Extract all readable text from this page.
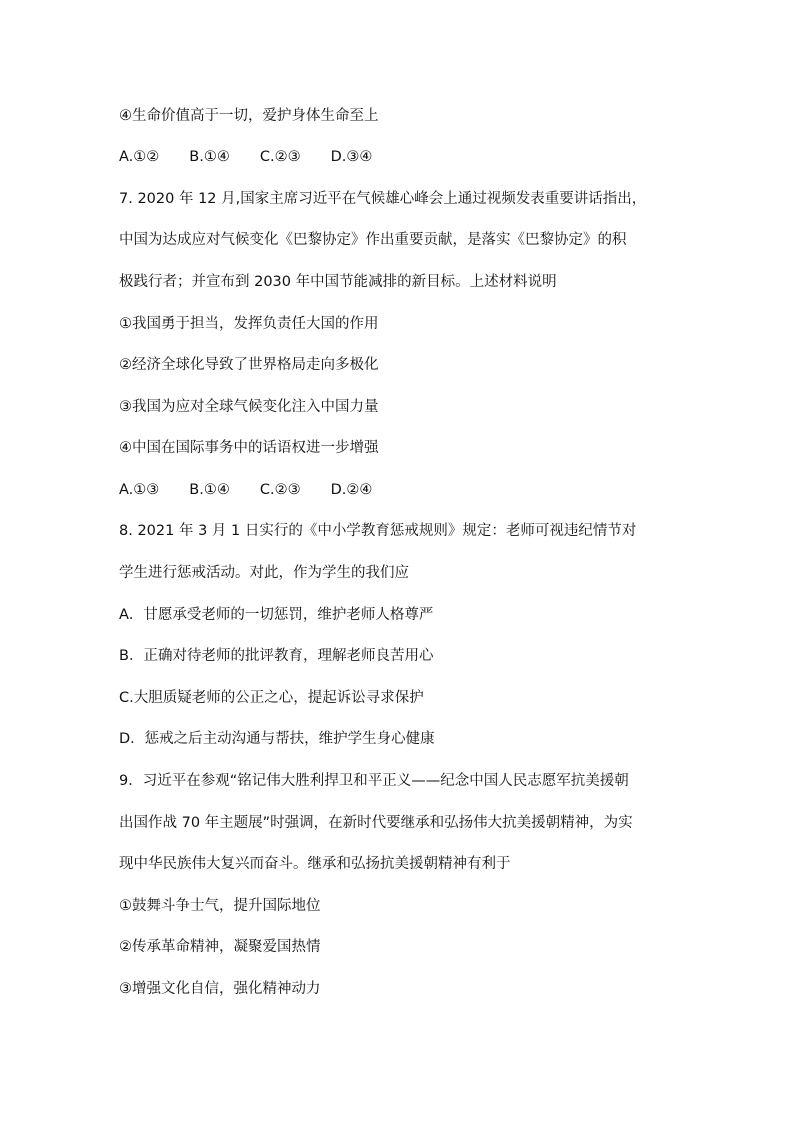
④生命价值高于一切，爱护身体生命至上
A.①② B.①④ C.②③ D.③④
7. 2020 年 12 月,国家主席习近平在气候雄心峰会上通过视频发表重要讲话指出，
中国为达成应对气候变化《巴黎协定》作出重要贡献，是落实《巴黎协定》的积
极践行者；并宣布到 2030 年中国节能减排的新目标。上述材料说明
①我国勇于担当，发挥负责任大国的作用
②经济全球化导致了世界格局走向多极化
③我国为应对全球气候变化注入中国力量
④中国在国际事务中的话语权进一步增强
A.①③ B.①④ C.②③ D.②④
8. 2021 年 3 月 1 日实行的《中小学教育惩戒规则》规定：老师可视违纪情节对
学生进行惩戒活动。对此，作为学生的我们应
A．甘愿承受老师的一切惩罚，维护老师人格尊严
B．正确对待老师的批评教育，理解老师良苦用心
C.大胆质疑老师的公正之心，提起诉讼寻求保护
D．惩戒之后主动沟通与帮扶，维护学生身心健康
9．习近平在参观“铭记伟大胜利捍卫和平正义——纪念中国人民志愿军抗美援朝
出国作战 70 年主题展”时强调，在新时代要继承和弘扬伟大抗美援朝精神，为实
现中华民族伟大复兴而奋斗。继承和弘扬抗美援朝精神有利于
①鼓舞斗争士气，提升国际地位
②传承革命精神，凝聚爱国热情
③增强文化自信，强化精神动力
